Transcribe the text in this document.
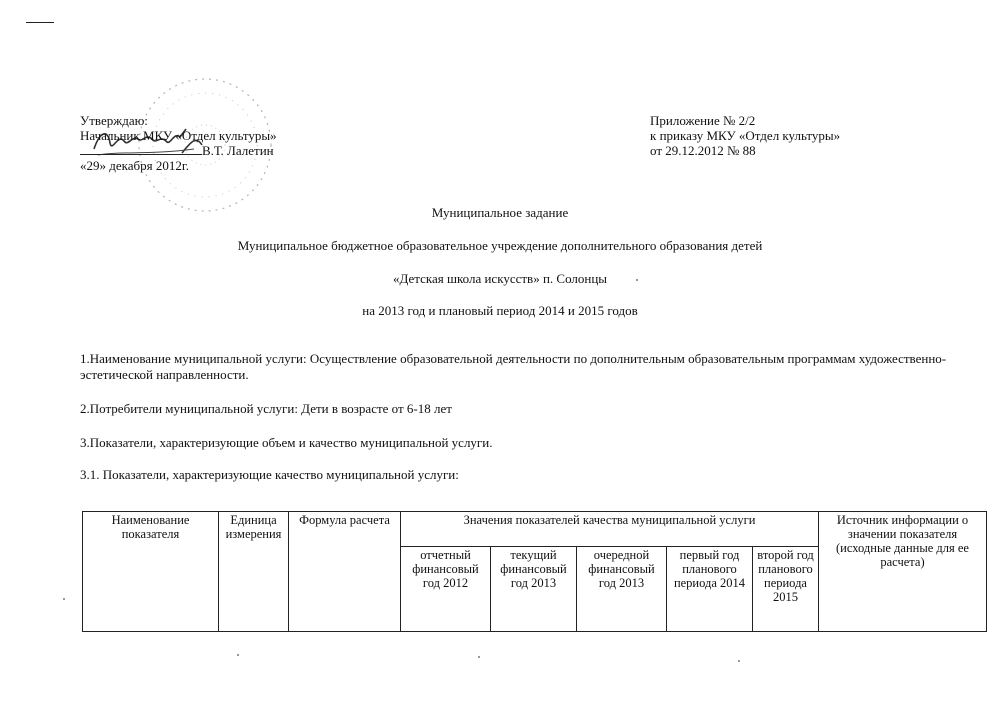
Утверждаю:
Начальник МКУ «Отдел культуры»
В.Т. Лалетин
«29» декабря 2012г.
Приложение № 2/2
к приказу МКУ «Отдел культуры»
от 29.12.2012 № 88
Муниципальное задание
Муниципальное бюджетное образовательное учреждение дополнительного образования детей
«Детская школа искусств» п. Солонцы
на 2013 год и плановый период 2014 и 2015 годов
1.Наименование муниципальной услуги: Осуществление образовательной деятельности по дополнительным образовательным программам художественно-эстетической направленности.
2.Потребители муниципальной услуги: Дети в возрасте от 6-18 лет
3.Показатели, характеризующие объем и качество муниципальной услуги.
3.1. Показатели, характеризующие качество муниципальной услуги:
Наименование показателя	Единица измерения	Формула расчета	Значения показателей качества муниципальной услуги					Источник информации о значении показателя (исходные данные для ее расчета)
			отчетный финансовый год 2012	текущий финансовый год 2013	очередной финансовый год 2013	первый год планового периода 2014	второй год планового периода 2015	
